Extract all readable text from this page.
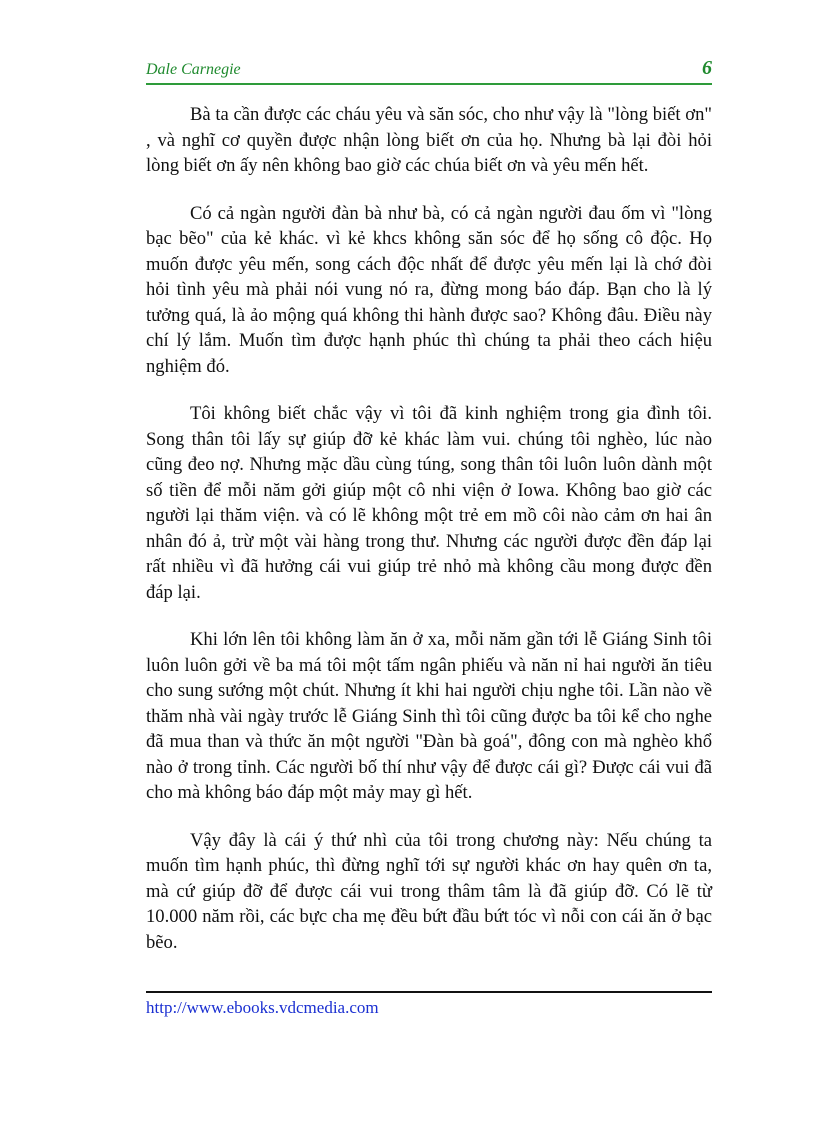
Dale Carnegie	6

Bà ta cần được các cháu yêu và săn sóc, cho như vậy là "lòng biết ơn" , và nghĩ cơ quyền được nhận lòng biết ơn của họ. Nhưng bà lại đòi hỏi lòng biết ơn ấy nên không bao giờ các chúa biết ơn và yêu mến hết.

Có cả ngàn người đàn bà như bà, có cả ngàn người đau ốm vì "lòng bạc bẽo" của kẻ khác. vì kẻ khcs không săn sóc để họ sống cô độc. Họ muốn được yêu mến, song cách độc nhất để được yêu mến lại là chớ đòi hỏi tình yêu mà phải nói vung nó ra, đừng mong báo đáp. Bạn cho là lý tưởng quá, là ảo mộng quá không thi hành được sao? Không đâu. Điều này chí lý lắm. Muốn tìm được hạnh phúc thì chúng ta phải theo cách hiệu nghiệm đó.

Tôi không biết chắc vậy vì tôi đã kinh nghiệm trong gia đình tôi. Song thân tôi lấy sự giúp đỡ kẻ khác làm vui. chúng tôi nghèo, lúc nào cũng đeo nợ. Nhưng mặc dầu cùng túng, song thân tôi luôn luôn dành một số tiền để mỗi năm gởi giúp một cô nhi viện ở Iowa. Không bao giờ các người lại thăm viện. và có lẽ không một trẻ em mồ côi nào cảm ơn hai ân nhân đó ả, trừ một vài hàng trong thư. Nhưng các người được đền đáp lại rất nhiều vì đã hưởng cái vui giúp trẻ nhỏ mà không cầu mong được đền đáp lại.

Khi lớn lên tôi không làm ăn ở xa, mỗi năm gần tới lễ Giáng Sinh tôi luôn luôn gởi về ba má tôi một tấm ngân phiếu và năn nỉ hai người ăn tiêu cho sung sướng một chút. Nhưng ít khi hai người chịu nghe tôi. Lần nào về thăm nhà vài ngày trước lễ Giáng Sinh thì tôi cũng được ba tôi kể cho nghe đã mua than và thức ăn một người "Đàn bà goá", đông con mà nghèo khổ nào ở trong tỉnh. Các người bố thí như vậy để được cái gì? Được cái vui đã cho mà không báo đáp một mảy may gì hết.

Vậy đây là cái ý thứ nhì của tôi trong chương này: Nếu chúng ta muốn tìm hạnh phúc, thì đừng nghĩ tới sự người khác ơn hay quên ơn ta, mà cứ giúp đỡ để được cái vui trong thâm tâm là đã giúp đỡ. Có lẽ từ 10.000 năm rồi, các bực cha mẹ đều bứt đầu bứt tóc vì nỗi con cái ăn ở bạc bẽo.

http://www.ebooks.vdcmedia.com
